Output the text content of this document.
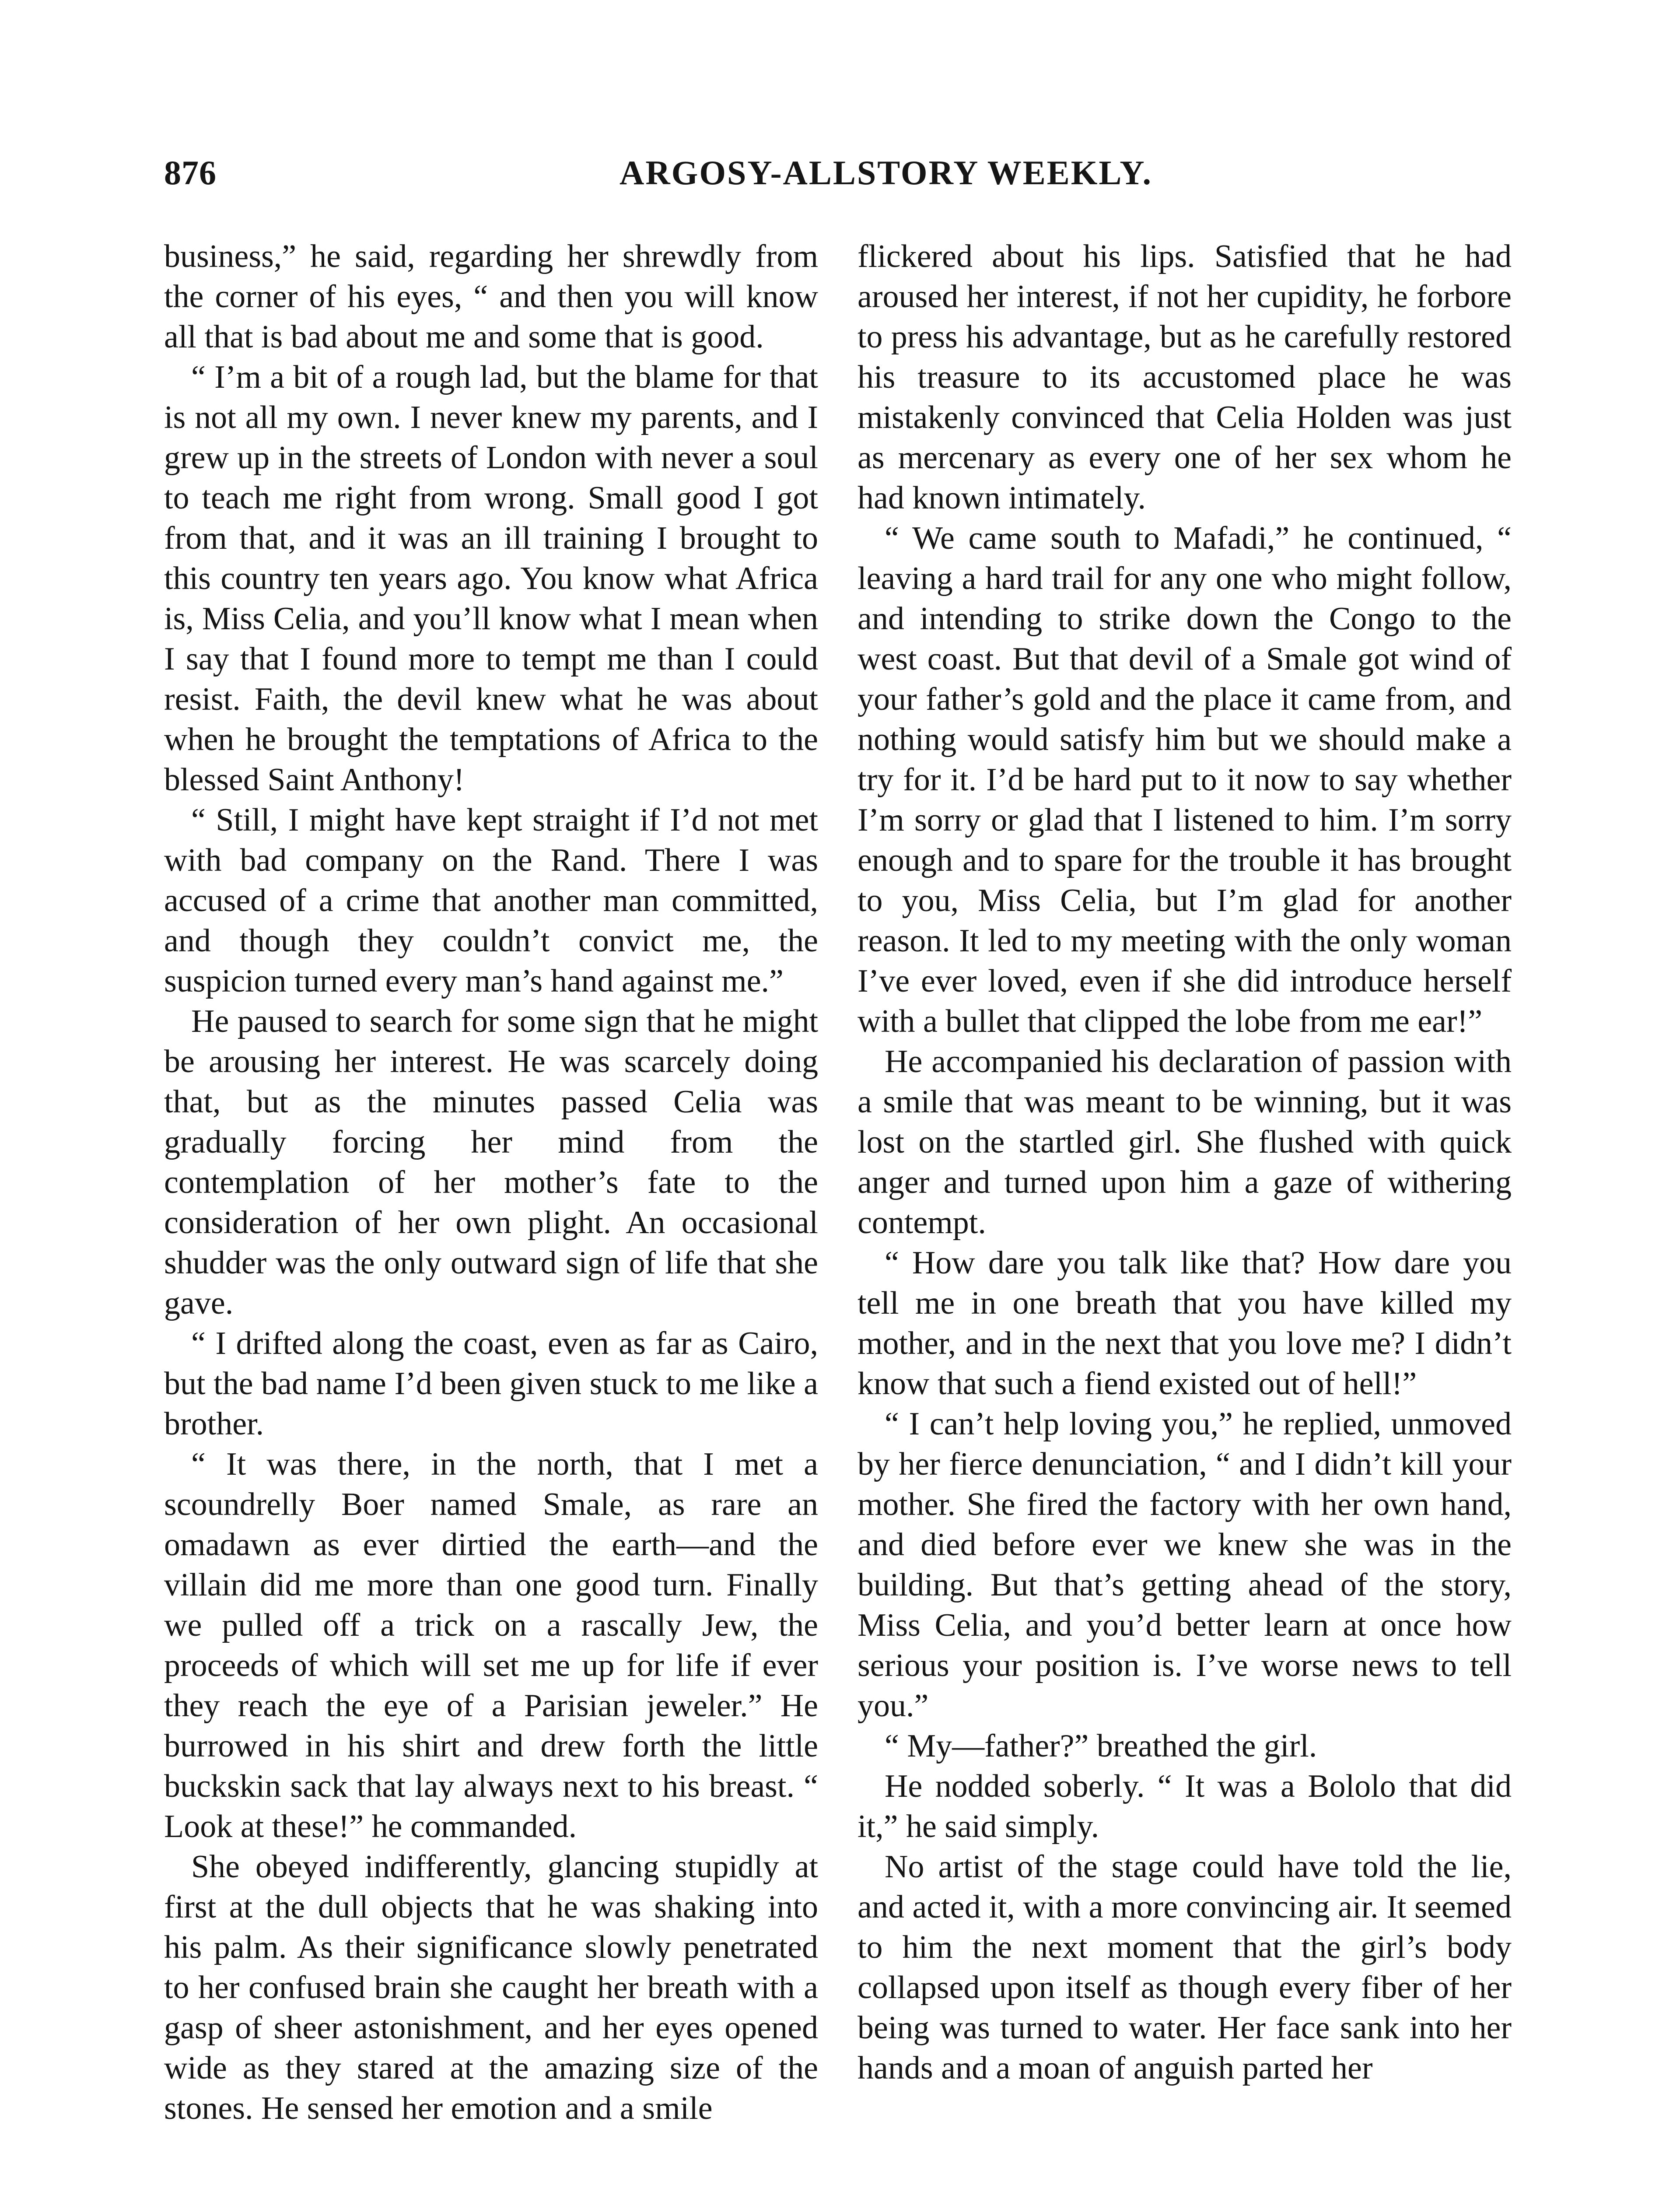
876	ARGOSY-ALLSTORY WEEKLY.

business,” he said, regarding her shrewdly from the corner of his eyes, “ and then you will know all that is bad about me and some that is good.

“ I’m a bit of a rough lad, but the blame for that is not all my own. I never knew my parents, and I grew up in the streets of London with never a soul to teach me right from wrong. Small good I got from that, and it was an ill training I brought to this country ten years ago. You know what Africa is, Miss Celia, and you’ll know what I mean when I say that I found more to tempt me than I could resist. Faith, the devil knew what he was about when he brought the temptations of Africa to the blessed Saint Anthony!

“ Still, I might have kept straight if I’d not met with bad company on the Rand. There I was accused of a crime that another man committed, and though they couldn’t convict me, the suspicion turned every man’s hand against me.”

He paused to search for some sign that he might be arousing her interest. He was scarcely doing that, but as the minutes passed Celia was gradually forcing her mind from the contemplation of her mother’s fate to the consideration of her own plight. An occasional shudder was the only outward sign of life that she gave.

“ I drifted along the coast, even as far as Cairo, but the bad name I’d been given stuck to me like a brother.

“ It was there, in the north, that I met a scoundrelly Boer named Smale, as rare an omadawn as ever dirtied the earth—and the villain did me more than one good turn. Finally we pulled off a trick on a rascally Jew, the proceeds of which will set me up for life if ever they reach the eye of a Parisian jeweler.” He burrowed in his shirt and drew forth the little buckskin sack that lay always next to his breast. “ Look at these!” he commanded.

She obeyed indifferently, glancing stupidly at first at the dull objects that he was shaking into his palm. As their significance slowly penetrated to her confused brain she caught her breath with a gasp of sheer astonishment, and her eyes opened wide as they stared at the amazing size of the stones. He sensed her emotion and a smile

flickered about his lips. Satisfied that he had aroused her interest, if not her cupidity, he forbore to press his advantage, but as he carefully restored his treasure to its accustomed place he was mistakenly convinced that Celia Holden was just as mercenary as every one of her sex whom he had known intimately.

“ We came south to Mafadi,” he continued, “ leaving a hard trail for any one who might follow, and intending to strike down the Congo to the west coast. But that devil of a Smale got wind of your father’s gold and the place it came from, and nothing would satisfy him but we should make a try for it. I’d be hard put to it now to say whether I’m sorry or glad that I listened to him. I’m sorry enough and to spare for the trouble it has brought to you, Miss Celia, but I’m glad for another reason. It led to my meeting with the only woman I’ve ever loved, even if she did introduce herself with a bullet that clipped the lobe from me ear!”

He accompanied his declaration of passion with a smile that was meant to be winning, but it was lost on the startled girl. She flushed with quick anger and turned upon him a gaze of withering contempt.

“ How dare you talk like that? How dare you tell me in one breath that you have killed my mother, and in the next that you love me? I didn’t know that such a fiend existed out of hell!”

“ I can’t help loving you,” he replied, unmoved by her fierce denunciation, “ and I didn’t kill your mother. She fired the factory with her own hand, and died before ever we knew she was in the building. But that’s getting ahead of the story, Miss Celia, and you’d better learn at once how serious your position is. I’ve worse news to tell you.”

“ My—father?” breathed the girl.

He nodded soberly. “ It was a Bololo that did it,” he said simply.

No artist of the stage could have told the lie, and acted it, with a more convincing air. It seemed to him the next moment that the girl’s body collapsed upon itself as though every fiber of her being was turned to water. Her face sank into her hands and a moan of anguish parted her
